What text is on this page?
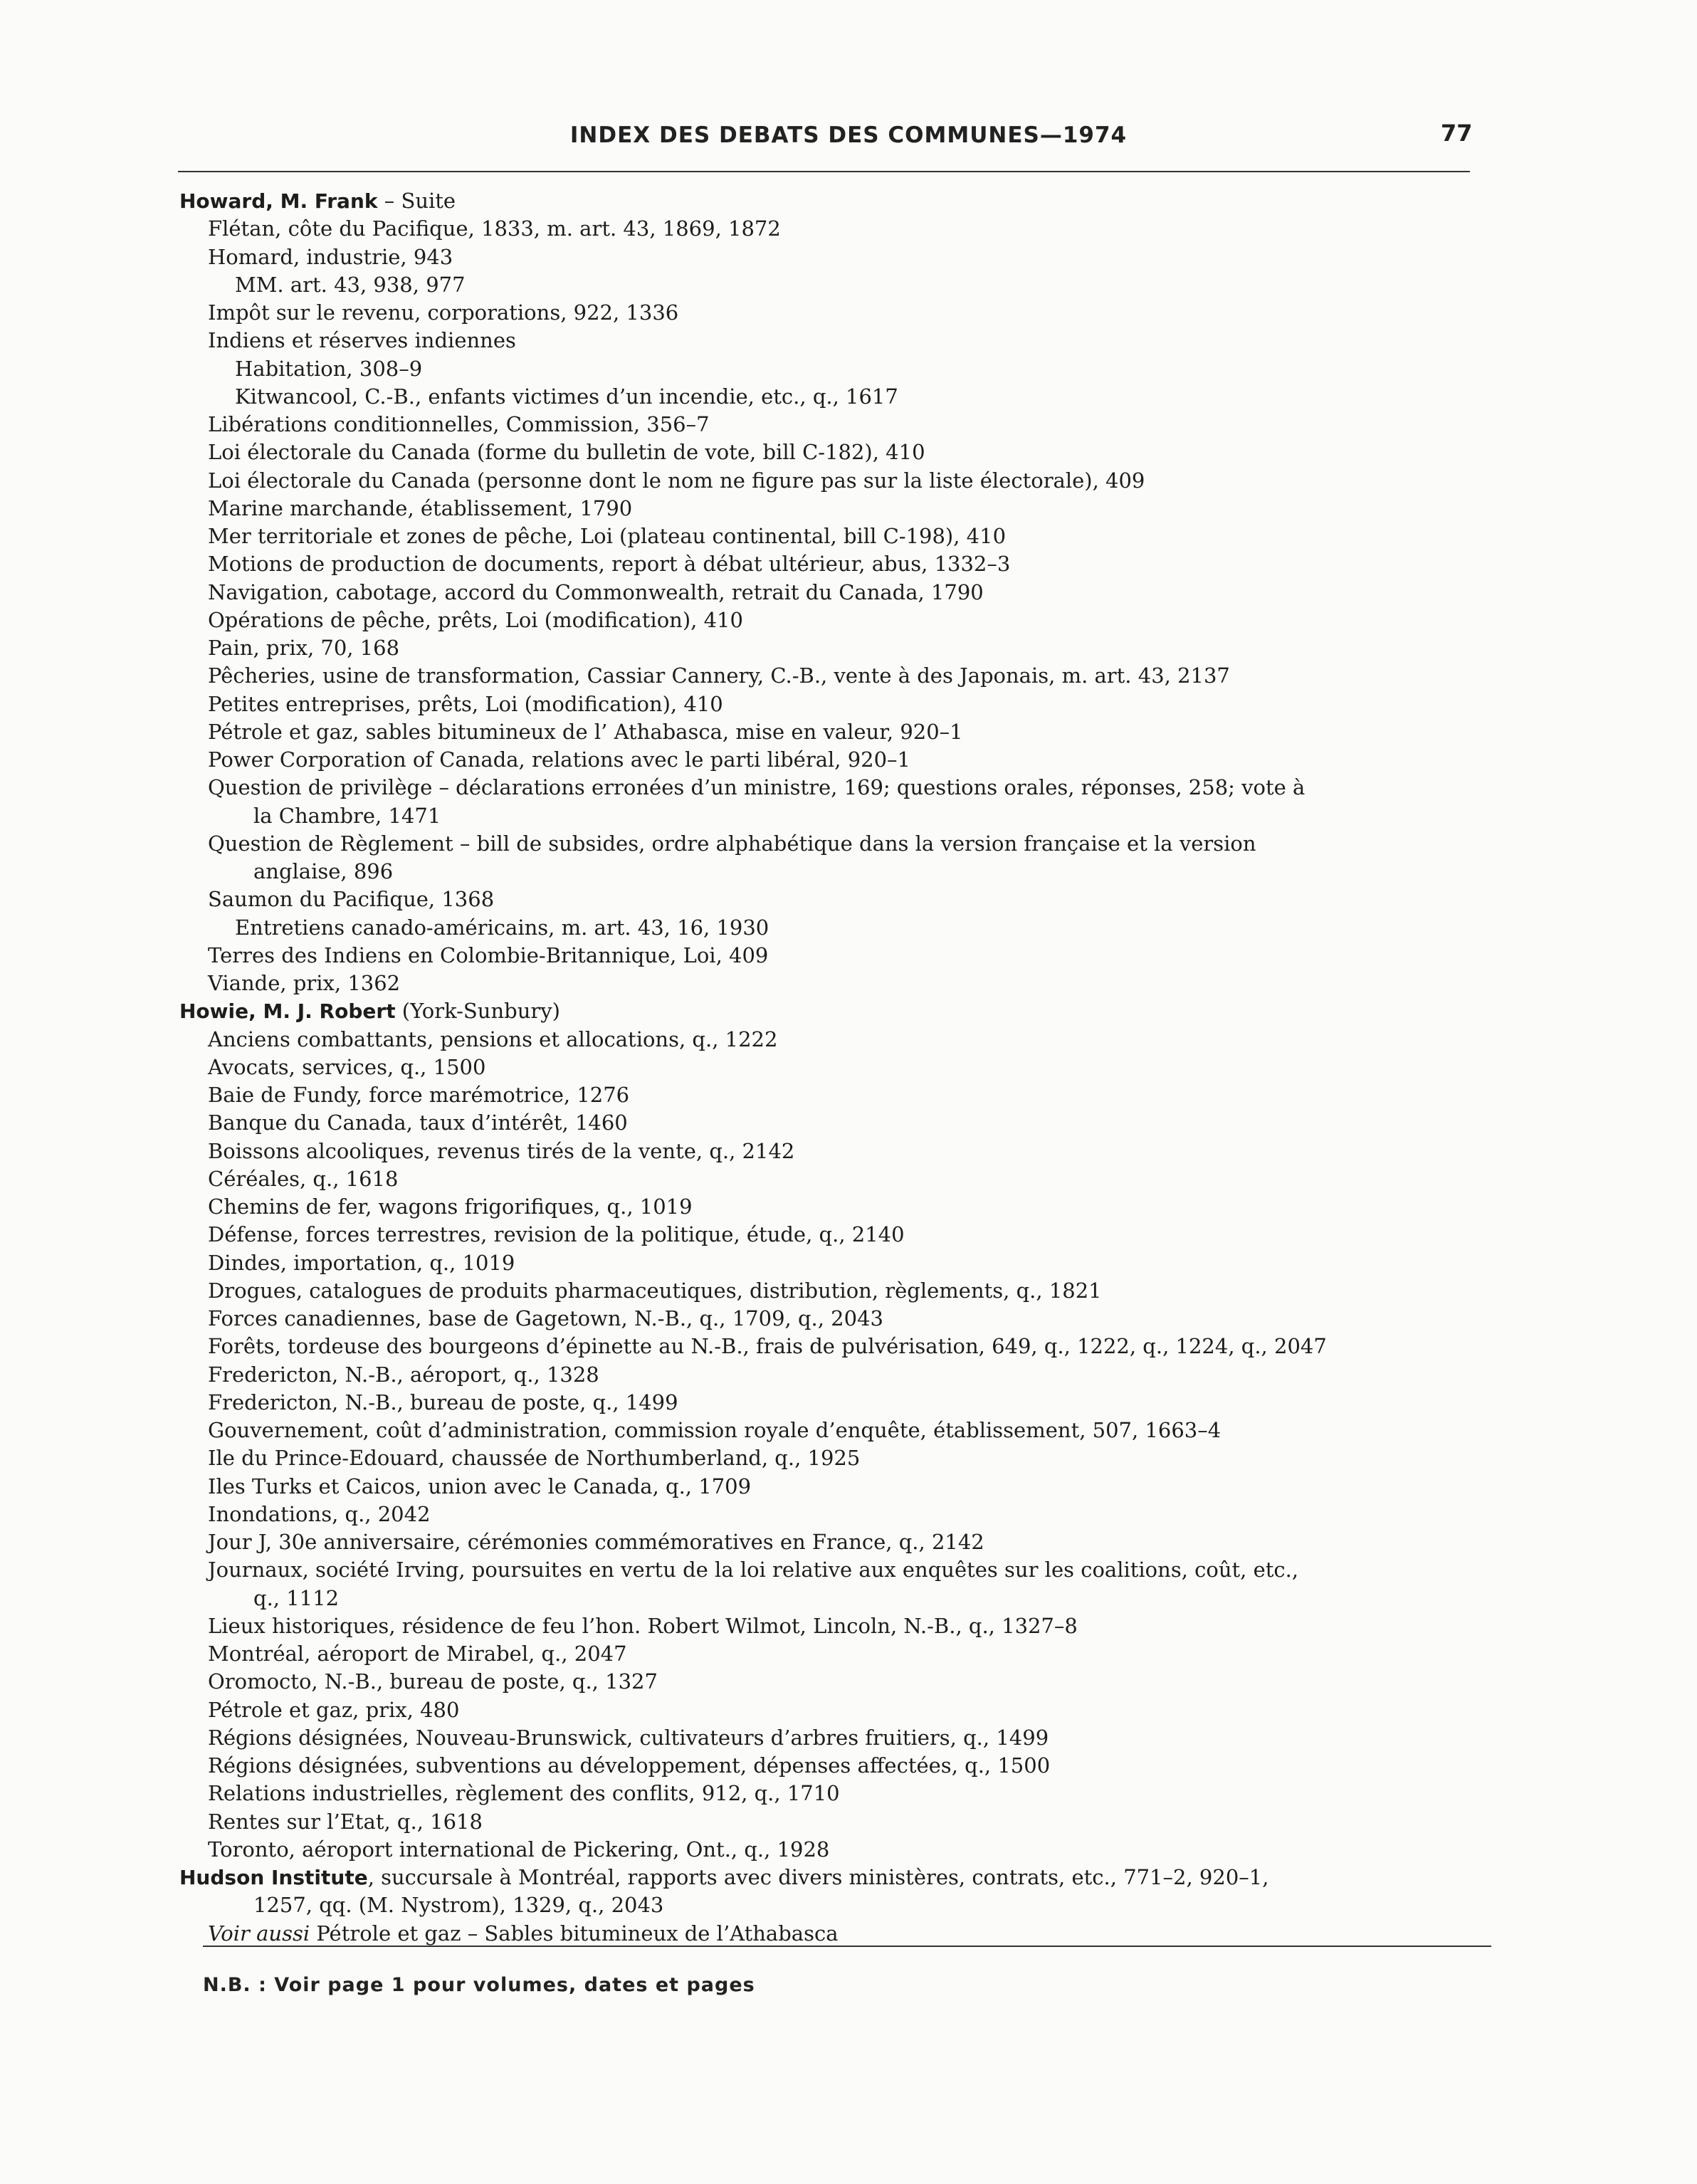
INDEX DES DEBATS DES COMMUNES—1974	77
Howard, M. Frank – Suite
Flétan, côte du Pacifique, 1833, m. art. 43, 1869, 1872
Homard, industrie, 943
MM. art. 43, 938, 977
Impôt sur le revenu, corporations, 922, 1336
Indiens et réserves indiennes
Habitation, 308–9
Kitwancool, C.-B., enfants victimes d’un incendie, etc., q., 1617
Libérations conditionnelles, Commission, 356–7
Loi électorale du Canada (forme du bulletin de vote, bill C-182), 410
Loi électorale du Canada (personne dont le nom ne figure pas sur la liste électorale), 409
Marine marchande, établissement, 1790
Mer territoriale et zones de pêche, Loi (plateau continental, bill C-198), 410
Motions de production de documents, report à débat ultérieur, abus, 1332–3
Navigation, cabotage, accord du Commonwealth, retrait du Canada, 1790
Opérations de pêche, prêts, Loi (modification), 410
Pain, prix, 70, 168
Pêcheries, usine de transformation, Cassiar Cannery, C.-B., vente à des Japonais, m. art. 43, 2137
Petites entreprises, prêts, Loi (modification), 410
Pétrole et gaz, sables bitumineux de l’ Athabasca, mise en valeur, 920–1
Power Corporation of Canada, relations avec le parti libéral, 920–1
Question de privilège – déclarations erronées d’un ministre, 169; questions orales, réponses, 258; vote à
la Chambre, 1471
Question de Règlement – bill de subsides, ordre alphabétique dans la version française et la version
anglaise, 896
Saumon du Pacifique, 1368
Entretiens canado-américains, m. art. 43, 16, 1930
Terres des Indiens en Colombie-Britannique, Loi, 409
Viande, prix, 1362
Howie, M. J. Robert (York-Sunbury)
Anciens combattants, pensions et allocations, q., 1222
Avocats, services, q., 1500
Baie de Fundy, force marémotrice, 1276
Banque du Canada, taux d’intérêt, 1460
Boissons alcooliques, revenus tirés de la vente, q., 2142
Céréales, q., 1618
Chemins de fer, wagons frigorifiques, q., 1019
Défense, forces terrestres, revision de la politique, étude, q., 2140
Dindes, importation, q., 1019
Drogues, catalogues de produits pharmaceutiques, distribution, règlements, q., 1821
Forces canadiennes, base de Gagetown, N.-B., q., 1709, q., 2043
Forêts, tordeuse des bourgeons d’épinette au N.-B., frais de pulvérisation, 649, q., 1222, q., 1224, q., 2047
Fredericton, N.-B., aéroport, q., 1328
Fredericton, N.-B., bureau de poste, q., 1499
Gouvernement, coût d’administration, commission royale d’enquête, établissement, 507, 1663–4
Ile du Prince-Edouard, chaussée de Northumberland, q., 1925
Iles Turks et Caicos, union avec le Canada, q., 1709
Inondations, q., 2042
Jour J, 30e anniversaire, cérémonies commémoratives en France, q., 2142
Journaux, société Irving, poursuites en vertu de la loi relative aux enquêtes sur les coalitions, coût, etc.,
q., 1112
Lieux historiques, résidence de feu l’hon. Robert Wilmot, Lincoln, N.-B., q., 1327–8
Montréal, aéroport de Mirabel, q., 2047
Oromocto, N.-B., bureau de poste, q., 1327
Pétrole et gaz, prix, 480
Régions désignées, Nouveau-Brunswick, cultivateurs d’arbres fruitiers, q., 1499
Régions désignées, subventions au développement, dépenses affectées, q., 1500
Relations industrielles, règlement des conflits, 912, q., 1710
Rentes sur l’Etat, q., 1618
Toronto, aéroport international de Pickering, Ont., q., 1928
Hudson Institute, succursale à Montréal, rapports avec divers ministères, contrats, etc., 771–2, 920–1,
1257, qq. (M. Nystrom), 1329, q., 2043
Voir aussi Pétrole et gaz – Sables bitumineux de l’Athabasca
N.B. : Voir page 1 pour volumes, dates et pages
